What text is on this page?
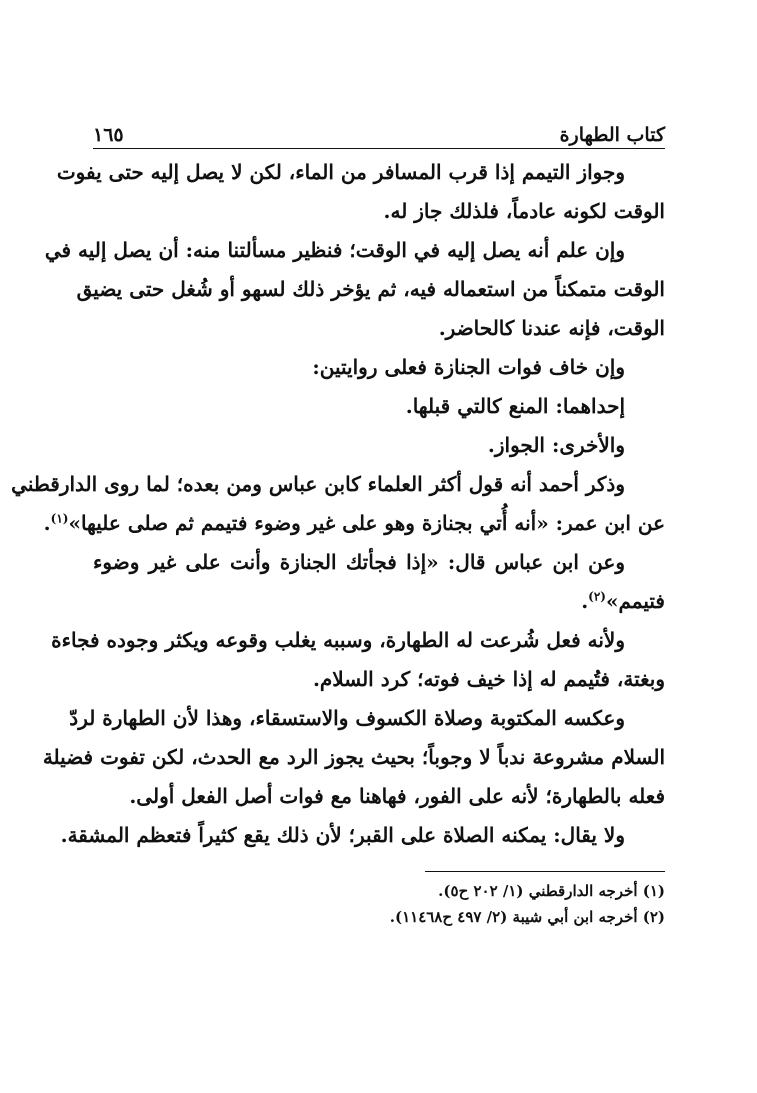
كتاب الطهارة
١٦٥
وجواز التيمم إذا قرب المسافر من الماء، لكن لا يصل إليه حتى يفوت
الوقت لكونه عادماً، فلذلك جاز له.
وإن علم أنه يصل إليه في الوقت؛ فنظير مسألتنا منه: أن يصل إليه في
الوقت متمكناً من استعماله فيه، ثم يؤخر ذلك لسهو أو شُغل حتى يضيق
الوقت، فإنه عندنا كالحاضر.
وإن خاف فوات الجنازة فعلى روايتين:
إحداهما: المنع كالتي قبلها.
والأخرى: الجواز.
وذكر أحمد أنه قول أكثر العلماء كابن عباس ومن بعده؛ لما روى الدارقطني
عن ابن عمر: «أنه أُتي بجنازة وهو على غير وضوء فتيمم ثم صلى عليها»$^{(١)}$.
وعن ابن عباس قال: «إذا فجأتك الجنازة وأنت على غير وضوء
فتيمم»$^{(٢)}$.
ولأنه فعل شُرعت له الطهارة، وسببه يغلب وقوعه ويكثر وجوده فجاءة
وبغتة، فتُيمم له إذا خيف فوته؛ كرد السلام.
وعكسه المكتوبة وصلاة الكسوف والاستسقاء، وهذا لأن الطهارة لردّ
السلام مشروعة ندباً لا وجوباً؛ بحيث يجوز الرد مع الحدث، لكن تفوت فضيلة
فعله بالطهارة؛ لأنه على الفور، فهاهنا مع فوات أصل الفعل أولى.
ولا يقال: يمكنه الصلاة على القبر؛ لأن ذلك يقع كثيراً فتعظم المشقة.
(١) أخرجه الدارقطني (١/ ٢٠٢ ح٥).
(٢) أخرجه ابن أبي شيبة (٢/ ٤٩٧ ح١١٤٦٨).
